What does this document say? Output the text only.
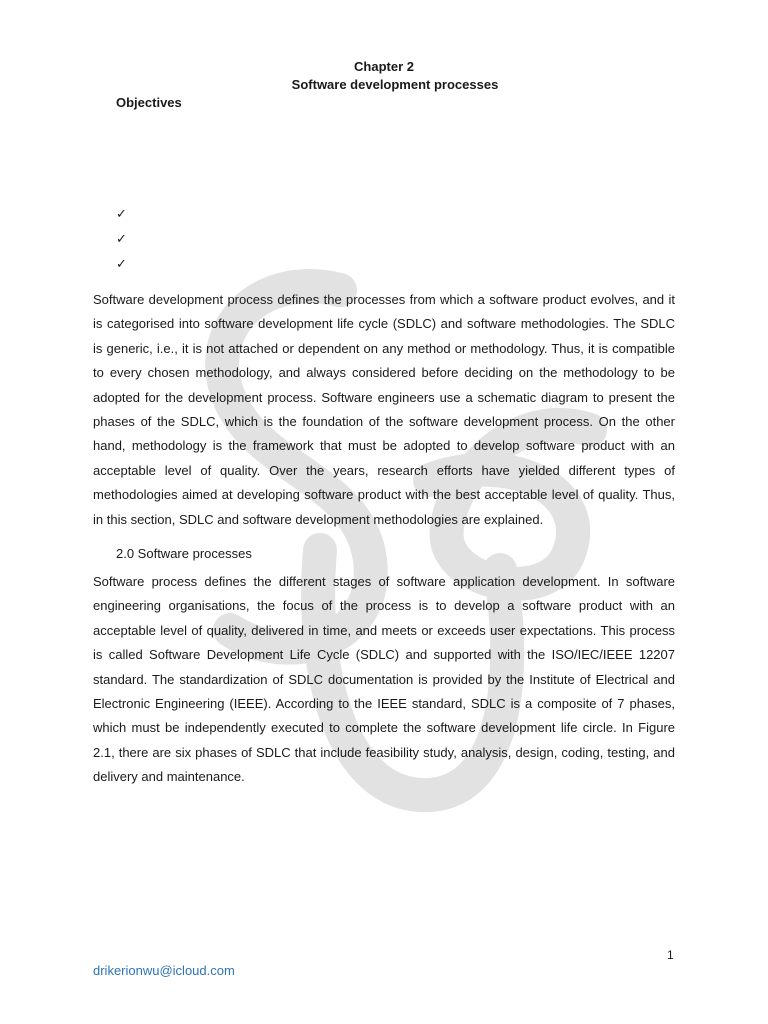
Chapter 2
Software development processes
Objectives
✓
✓
✓

Software development process defines the processes from which a software product evolves, and it is categorised into software development life cycle (SDLC) and software methodologies. The SDLC is generic, i.e., it is not attached or dependent on any method or methodology. Thus, it is compatible to every chosen methodology, and always considered before deciding on the methodology to be adopted for the development process. Software engineers use a schematic diagram to present the phases of the SDLC, which is the foundation of the software development process. On the other hand, methodology is the framework that must be adopted to develop software product with an acceptable level of quality. Over the years, research efforts have yielded different types of methodologies aimed at developing software product with the best acceptable level of quality. Thus, in this section, SDLC and software development methodologies are explained.

2.0 Software processes

Software process defines the different stages of software application development. In software engineering organisations, the focus of the process is to develop a software product with an acceptable level of quality, delivered in time, and meets or exceeds user expectations. This process is called Software Development Life Cycle (SDLC) and supported with the ISO/IEC/IEEE 12207 standard. The standardization of SDLC documentation is provided by the Institute of Electrical and Electronic Engineering (IEEE). According to the IEEE standard, SDLC is a composite of 7 phases, which must be independently executed to complete the software development life circle. In Figure 2.1, there are six phases of SDLC that include feasibility study, analysis, design, coding, testing, and delivery and maintenance.

1
drikerionwu@icloud.com
